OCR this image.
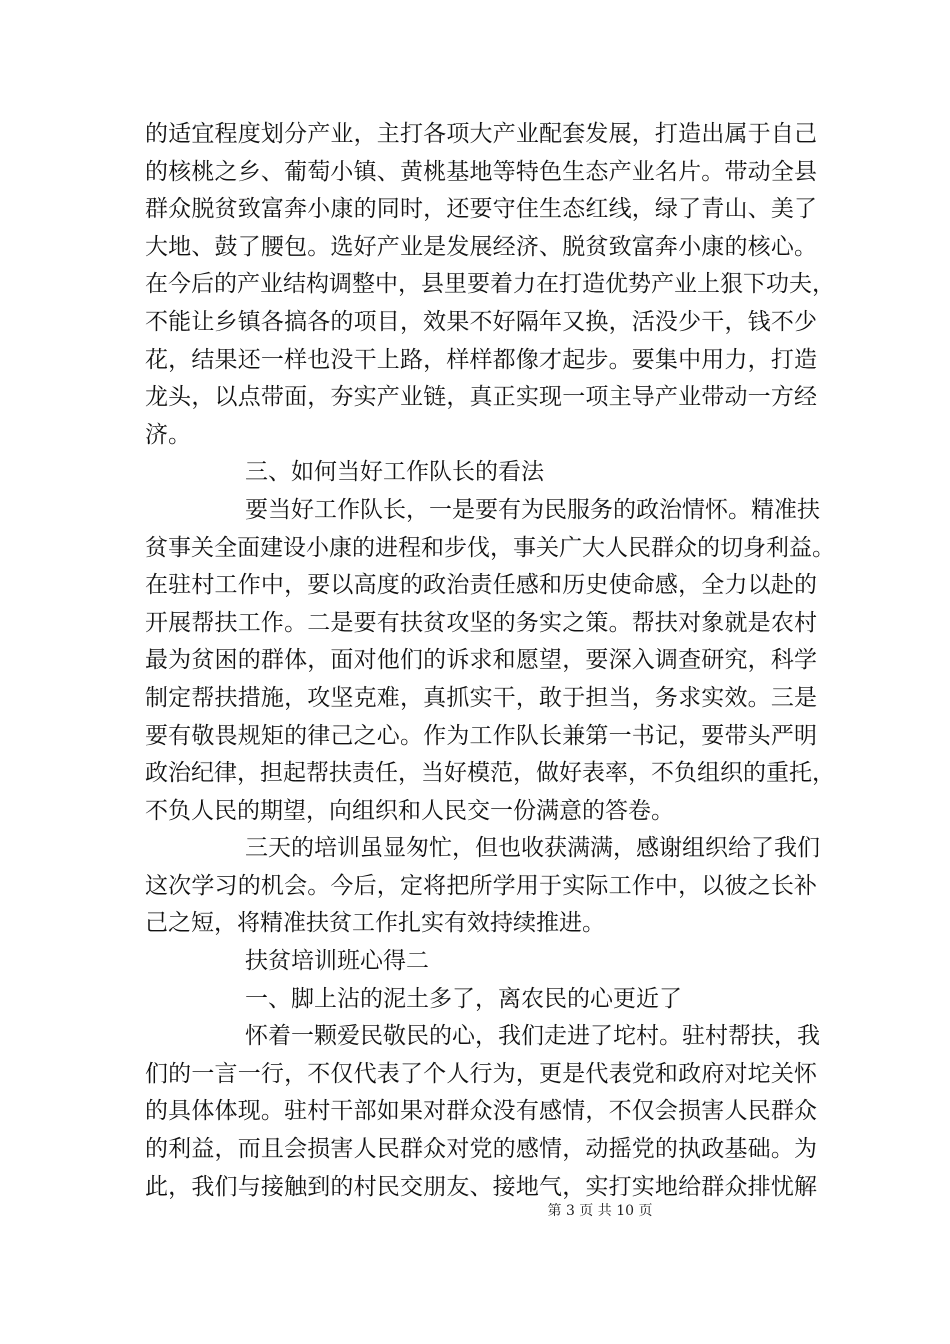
的适宜程度划分产业，主打各项大产业配套发展，打造出属于自己
的核桃之乡、葡萄小镇、黄桃基地等特色生态产业名片。带动全县
群众脱贫致富奔小康的同时，还要守住生态红线，绿了青山、美了
大地、鼓了腰包。选好产业是发展经济、脱贫致富奔小康的核心。
在今后的产业结构调整中，县里要着力在打造优势产业上狠下功夫，
不能让乡镇各搞各的项目，效果不好隔年又换，活没少干，钱不少
花，结果还一样也没干上路，样样都像才起步。要集中用力，打造
龙头，以点带面，夯实产业链，真正实现一项主导产业带动一方经
济。
三、如何当好工作队长的看法
要当好工作队长，一是要有为民服务的政治情怀。精准扶
贫事关全面建设小康的进程和步伐，事关广大人民群众的切身利益。
在驻村工作中，要以高度的政治责任感和历史使命感，全力以赴的
开展帮扶工作。二是要有扶贫攻坚的务实之策。帮扶对象就是农村
最为贫困的群体，面对他们的诉求和愿望，要深入调查研究，科学
制定帮扶措施，攻坚克难，真抓实干，敢于担当，务求实效。三是
要有敬畏规矩的律己之心。作为工作队长兼第一书记，要带头严明
政治纪律，担起帮扶责任，当好模范，做好表率，不负组织的重托，
不负人民的期望，向组织和人民交一份满意的答卷。
三天的培训虽显匆忙，但也收获满满，感谢组织给了我们
这次学习的机会。今后，定将把所学用于实际工作中，以彼之长补
己之短，将精准扶贫工作扎实有效持续推进。
扶贫培训班心得二
一、脚上沾的泥土多了，离农民的心更近了
怀着一颗爱民敬民的心，我们走进了坨村。驻村帮扶，我
们的一言一行，不仅代表了个人行为，更是代表党和政府对坨关怀
的具体体现。驻村干部如果对群众没有感情，不仅会损害人民群众
的利益，而且会损害人民群众对党的感情，动摇党的执政基础。为
此，我们与接触到的村民交朋友、接地气，实打实地给群众排忧解
第 3 页 共 10 页
